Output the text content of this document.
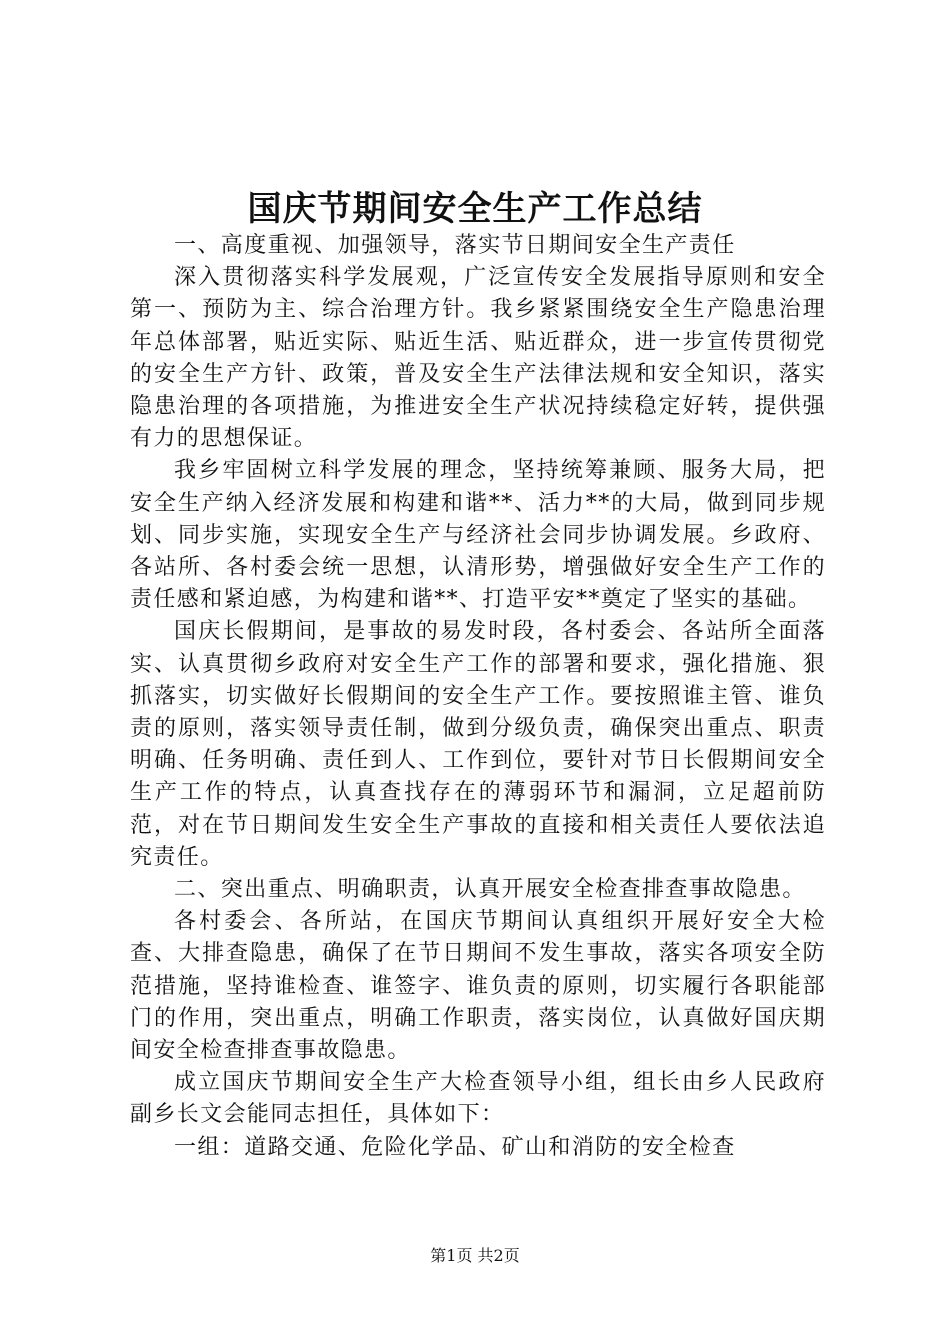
国庆节期间安全生产工作总结

一、高度重视、加强领导，落实节日期间安全生产责任

深入贯彻落实科学发展观，广泛宣传安全发展指导原则和安全第一、预防为主、综合治理方针。我乡紧紧围绕安全生产隐患治理年总体部署，贴近实际、贴近生活、贴近群众，进一步宣传贯彻党的安全生产方针、政策，普及安全生产法律法规和安全知识，落实隐患治理的各项措施，为推进安全生产状况持续稳定好转，提供强有力的思想保证。

我乡牢固树立科学发展的理念，坚持统筹兼顾、服务大局，把安全生产纳入经济发展和构建和谐**、活力**的大局，做到同步规划、同步实施，实现安全生产与经济社会同步协调发展。乡政府、各站所、各村委会统一思想，认清形势，增强做好安全生产工作的责任感和紧迫感，为构建和谐**、打造平安**奠定了坚实的基础。

国庆长假期间，是事故的易发时段，各村委会、各站所全面落实、认真贯彻乡政府对安全生产工作的部署和要求，强化措施、狠抓落实，切实做好长假期间的安全生产工作。要按照谁主管、谁负责的原则，落实领导责任制，做到分级负责，确保突出重点、职责明确、任务明确、责任到人、工作到位，要针对节日长假期间安全生产工作的特点，认真查找存在的薄弱环节和漏洞，立足超前防范，对在节日期间发生安全生产事故的直接和相关责任人要依法追究责任。

二、突出重点、明确职责，认真开展安全检查排查事故隐患。

各村委会、各所站，在国庆节期间认真组织开展好安全大检查、大排查隐患，确保了在节日期间不发生事故，落实各项安全防范措施，坚持谁检查、谁签字、谁负责的原则，切实履行各职能部门的作用，突出重点，明确工作职责，落实岗位，认真做好国庆期间安全检查排查事故隐患。

成立国庆节期间安全生产大检查领导小组，组长由乡人民政府副乡长文会能同志担任，具体如下：

一组：道路交通、危险化学品、矿山和消防的安全检查

第1页 共2页
